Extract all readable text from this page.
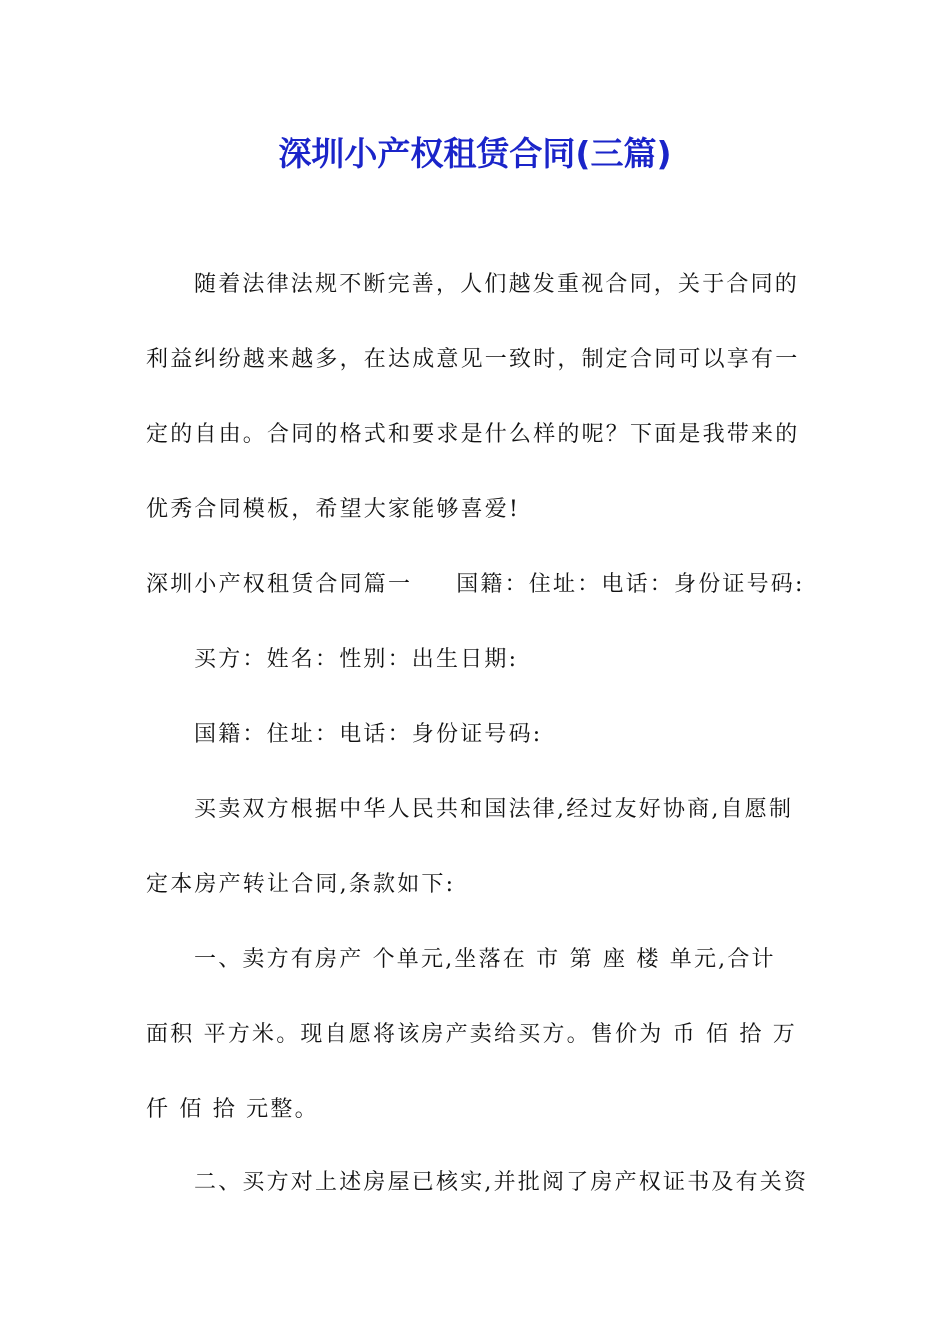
深圳小产权租赁合同(三篇)
随着法律法规不断完善，人们越发重视合同，关于合同的
利益纠纷越来越多，在达成意见一致时，制定合同可以享有一
定的自由。合同的格式和要求是什么样的呢？下面是我带来的
优秀合同模板，希望大家能够喜爱!
深圳小产权租赁合同篇一 国籍：住址：电话：身份证号码:
买方：姓名：性别：出生日期:
国籍：住址：电话：身份证号码:
买卖双方根据中华人民共和国法律,经过友好协商,自愿制
定本房产转让合同,条款如下:
一、卖方有房产 个单元,坐落在 市 第 座 楼 单元,合计
面积 平方米。现自愿将该房产卖给买方。售价为 币 佰 拾 万
仟 佰 拾 元整。
二、买方对上述房屋已核实,并批阅了房产权证书及有关资
